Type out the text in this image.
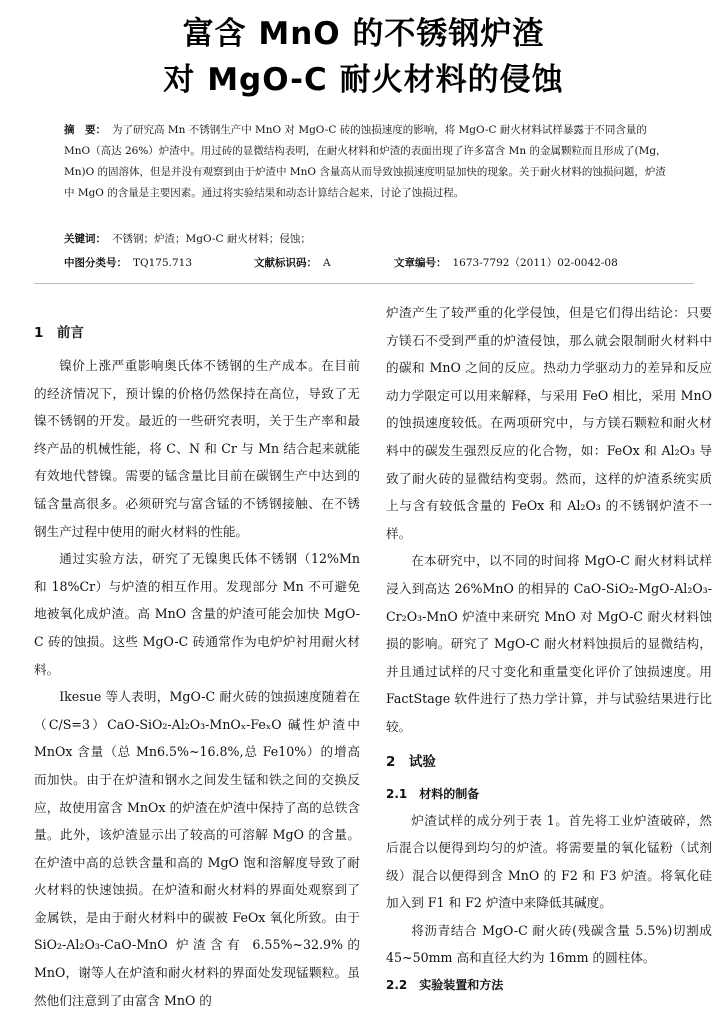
富含 MnO 的不锈钢炉渣
对 MgO-C 耐火材料的侵蚀
摘　要： 为了研究高 Mn 不锈钢生产中 MnO 对 MgO-C 砖的蚀损速度的影响，将 MgO-C 耐火材料试样暴露于不同含量的 MnO（高达 26%）炉渣中。用过砖的显微结构表明，在耐火材料和炉渣的表面出现了许多富含 Mn 的金属颗粒而且形成了(Mg，Mn)O 的固溶体，但是并没有观察到由于炉渣中 MnO 含量高从而导致蚀损速度明显加快的现象。关于耐火材料的蚀损问题，炉渣中 MgO 的含量是主要因素。通过将实验结果和动态计算结合起来，讨论了蚀损过程。
关键词： 不锈钢；炉渣；MgO-C 耐火材料；侵蚀；
中图分类号： TQ175.713	文献标识码： A	文章编号： 1673-7792（2011）02-0042-08
1　前言

镍价上涨严重影响奥氏体不锈钢的生产成本。在目前的经济情况下，预计镍的价格仍然保持在高位，导致了无镍不锈钢的开发。最近的一些研究表明，关于生产率和最终产品的机械性能，将 C、N 和 Cr 与 Mn 结合起来就能有效地代替镍。需要的锰含量比目前在碳钢生产中达到的锰含量高很多。必须研究与富含锰的不锈钢接触、在不锈钢生产过程中使用的耐火材料的性能。

通过实验方法，研究了无镍奥氏体不锈钢（12%Mn 和 18%Cr）与炉渣的相互作用。发现部分 Mn 不可避免地被氧化成炉渣。高 MnO 含量的炉渣可能会加快 MgO-C 砖的蚀损。这些 MgO-C 砖通常作为电炉炉衬用耐火材料。

Ikesue 等人表明，MgO-C 耐火砖的蚀损速度随着在（C/S=3）CaO-SiO₂-Al₂O₃-MnOₓ-FeₓO 碱性炉渣中 MnOx 含量（总 Mn6.5%~16.8%,总 Fe10%）的增高而加快。由于在炉渣和钢水之间发生锰和铁之间的交换反应，故使用富含 MnOx 的炉渣在炉渣中保持了高的总铁含量。此外，该炉渣显示出了较高的可溶解 MgO 的含量。在炉渣中高的总铁含量和高的 MgO 饱和溶解度导致了耐火材料的快速蚀损。在炉渣和耐火材料的界面处观察到了金属铁，是由于耐火材料中的碳被 FeOx 氧化所致。由于 SiO₂-Al₂O₃-CaO-MnO 炉渣含有 6.55%~32.9%的 MnO，谢等人在炉渣和耐火材料的界面处发现锰颗粒。虽然他们注意到了由富含 MnO 的

炉渣产生了较严重的化学侵蚀，但是它们得出结论：只要方镁石不受到严重的炉渣侵蚀，那么就会限制耐火材料中的碳和 MnO 之间的反应。热动力学驱动力的差异和反应动力学限定可以用来解释，与采用 FeO 相比，采用 MnO 的蚀损速度较低。在两项研究中，与方镁石颗粒和耐火材料中的碳发生强烈反应的化合物，如：FeOx 和 Al₂O₃ 导致了耐火砖的显微结构变弱。然而，这样的炉渣系统实质上与含有较低含量的 FeOx 和 Al₂O₃ 的不锈钢炉渣不一样。

在本研究中，以不同的时间将 MgO-C 耐火材料试样浸入到高达 26%MnO 的相异的 CaO-SiO₂-MgO-Al₂O₃-Cr₂O₃-MnO 炉渣中来研究 MnO 对 MgO-C 耐火材料蚀损的影响。研究了 MgO-C 耐火材料蚀损后的显微结构，并且通过试样的尺寸变化和重量变化评价了蚀损速度。用 FactStage 软件进行了热力学计算，并与试验结果进行比较。

2　试验
2.1　材料的制备

炉渣试样的成分列于表 1。首先将工业炉渣破碎，然后混合以便得到均匀的炉渣。将需要量的氧化锰粉（试剂级）混合以便得到含 MnO 的 F2 和 F3 炉渣。将氧化硅加入到 F1 和 F2 炉渣中来降低其碱度。

将沥青结合 MgO-C 耐火砖(残碳含量 5.5%)切割成 45~50mm 高和直径大约为 16mm 的圆柱体。

2.2　实验装置和方法
